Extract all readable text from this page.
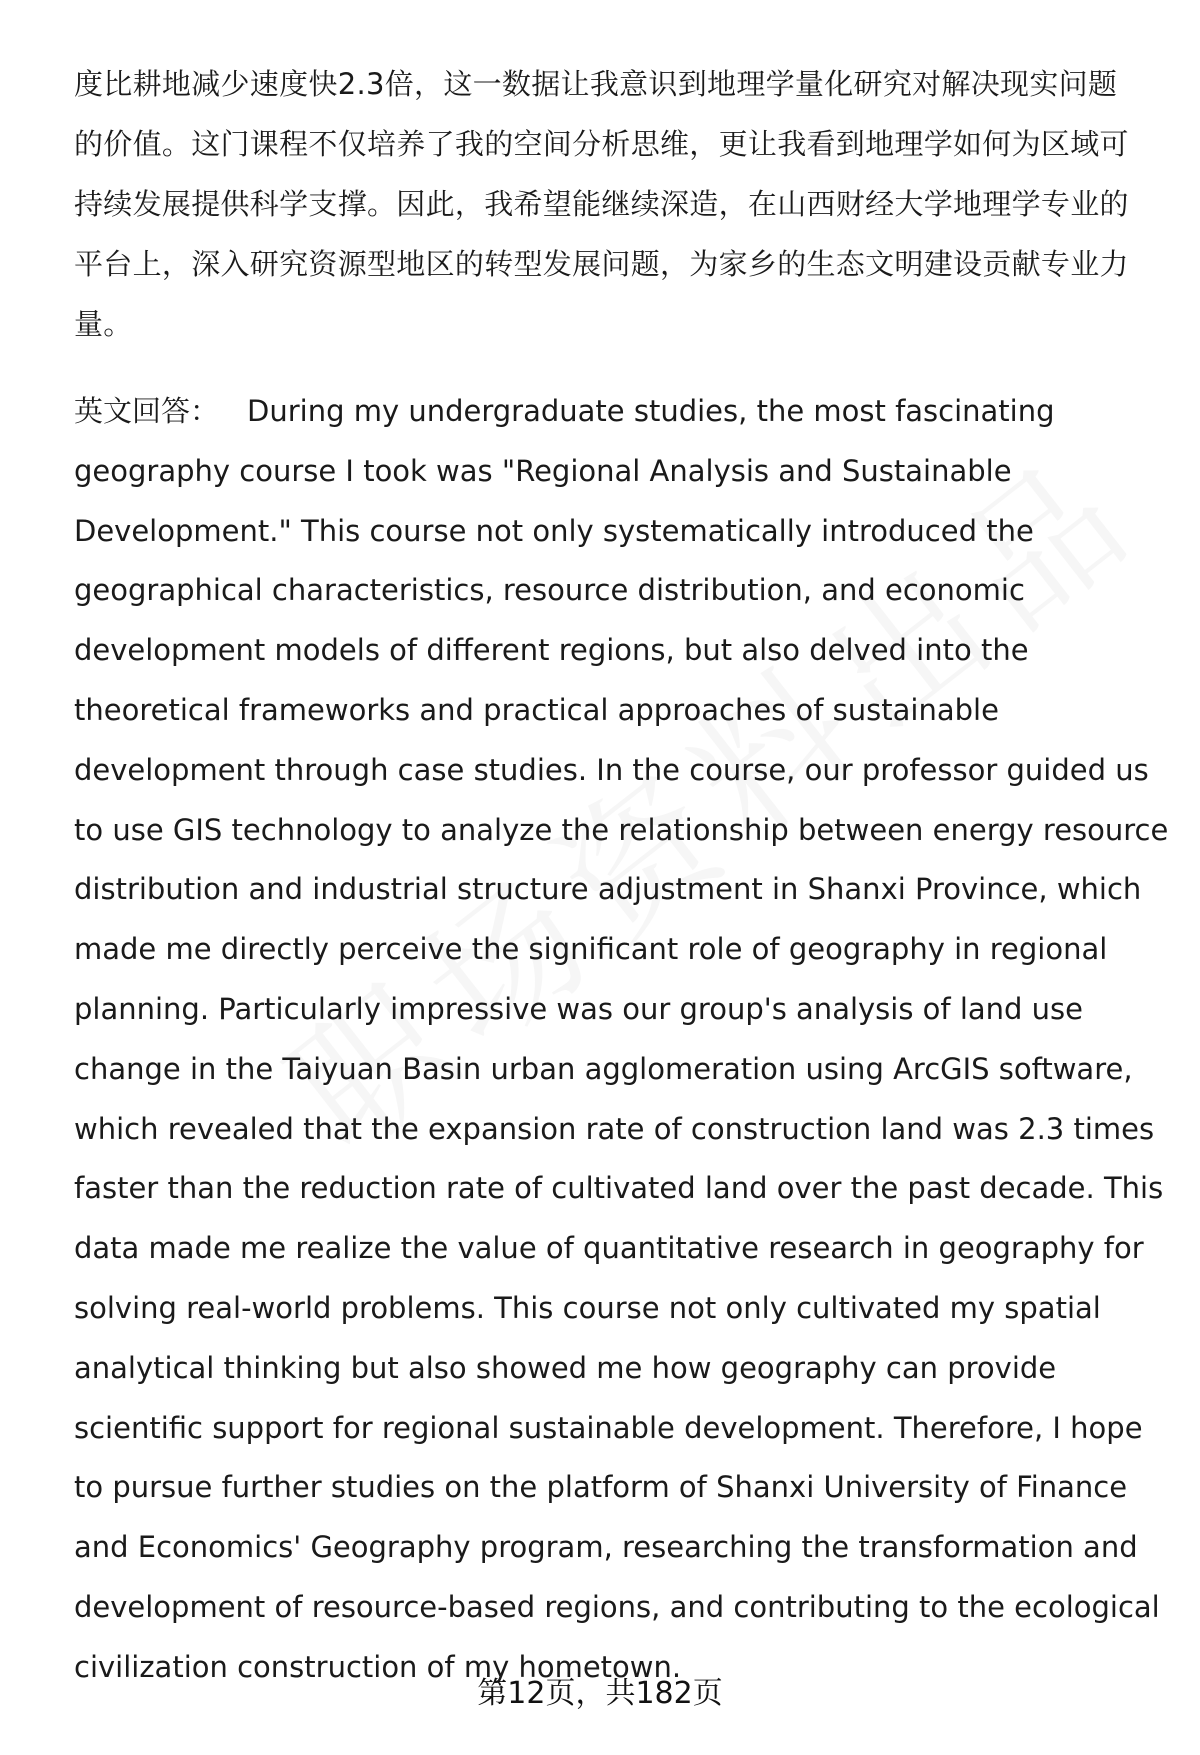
度比耕地减少速度快2.3倍，这一数据让我意识到地理学量化研究对解决现实问题
的价值。这门课程不仅培养了我的空间分析思维，更让我看到地理学如何为区域可
持续发展提供科学支撑。因此，我希望能继续深造，在山西财经大学地理学专业的
平台上，深入研究资源型地区的转型发展问题，为家乡的生态文明建设贡献专业力
量。

英文回答： During my undergraduate studies, the most fascinating
geography course I took was "Regional Analysis and Sustainable
Development." This course not only systematically introduced the
geographical characteristics, resource distribution, and economic
development models of different regions, but also delved into the
theoretical frameworks and practical approaches of sustainable
development through case studies. In the course, our professor guided us
to use GIS technology to analyze the relationship between energy resource
distribution and industrial structure adjustment in Shanxi Province, which
made me directly perceive the significant role of geography in regional
planning. Particularly impressive was our group's analysis of land use
change in the Taiyuan Basin urban agglomeration using ArcGIS software,
which revealed that the expansion rate of construction land was 2.3 times
faster than the reduction rate of cultivated land over the past decade. This
data made me realize the value of quantitative research in geography for
solving real-world problems. This course not only cultivated my spatial
analytical thinking but also showed me how geography can provide
scientific support for regional sustainable development. Therefore, I hope
to pursue further studies on the platform of Shanxi University of Finance
and Economics' Geography program, researching the transformation and
development of resource-based regions, and contributing to the ecological
civilization construction of my hometown.
第12页，共182页
